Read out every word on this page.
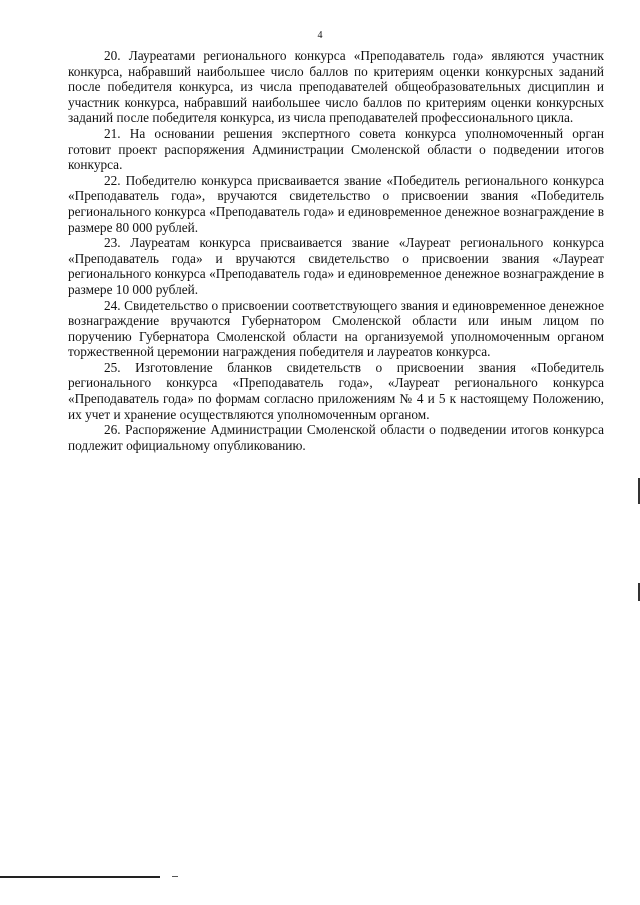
4

20. Лауреатами регионального конкурса «Преподаватель года» являются участник конкурса, набравший наибольшее число баллов по критериям оценки конкурсных заданий после победителя конкурса, из числа преподавателей общеобразовательных дисциплин и участник конкурса, набравший наибольшее число баллов по критериям оценки конкурсных заданий после победителя конкурса, из числа преподавателей профессионального цикла.

21. На основании решения экспертного совета конкурса уполномоченный орган готовит проект распоряжения Администрации Смоленской области о подведении итогов конкурса.

22. Победителю конкурса присваивается звание «Победитель регионального конкурса «Преподаватель года», вручаются свидетельство о присвоении звания «Победитель регионального конкурса «Преподаватель года» и единовременное денежное вознаграждение в размере 80 000 рублей.

23. Лауреатам конкурса присваивается звание «Лауреат регионального конкурса «Преподаватель года» и вручаются свидетельство о присвоении звания «Лауреат регионального конкурса «Преподаватель года» и единовременное денежное вознаграждение в размере 10 000 рублей.

24. Свидетельство о присвоении соответствующего звания и единовременное денежное вознаграждение вручаются Губернатором Смоленской области или иным лицом по поручению Губернатора Смоленской области на организуемой уполномоченным органом торжественной церемонии награждения победителя и лауреатов конкурса.

25. Изготовление бланков свидетельств о присвоении звания «Победитель регионального конкурса «Преподаватель года», «Лауреат регионального конкурса «Преподаватель года» по формам согласно приложениям № 4 и 5 к настоящему Положению, их учет и хранение осуществляются уполномоченным органом.

26. Распоряжение Администрации Смоленской области о подведении итогов конкурса подлежит официальному опубликованию.
